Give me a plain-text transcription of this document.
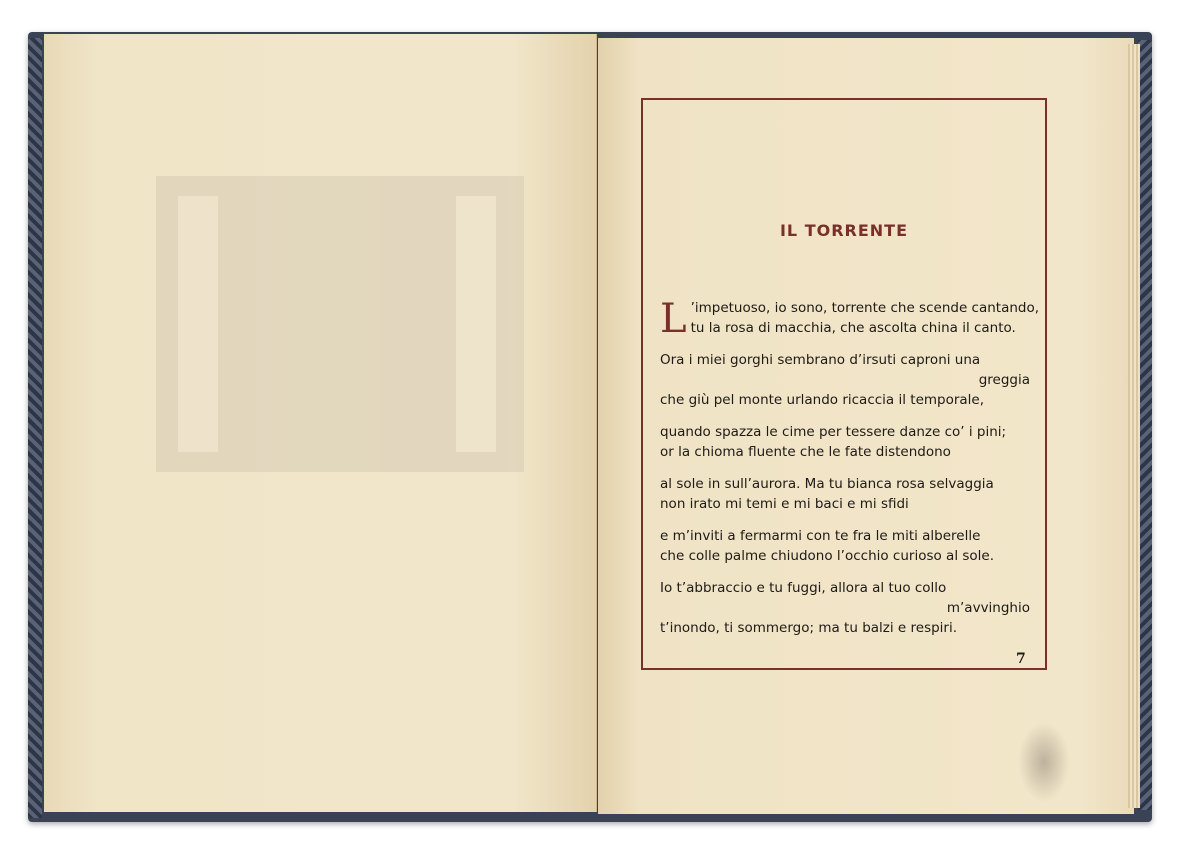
IL TORRENTE
L ’impetuoso, io sono, torrente che scende cantando,
tu la rosa di macchia, che ascolta china il canto.
Ora i miei gorghi sembrano d’irsuti caproni una
greggia
che giù pel monte urlando ricaccia il temporale,
quando spazza le cime per tessere danze co’ i pini;
or la chioma fluente che le fate distendono
al sole in sull’aurora. Ma tu bianca rosa selvaggia
non irato mi temi e mi baci e mi sfidi
e m’inviti a fermarmi con te fra le miti alberelle
che colle palme chiudono l’occhio curioso al sole.
Io t’abbraccio e tu fuggi, allora al tuo collo
m’avvinghio
t’inondo, ti sommergo; ma tu balzi e respiri.
7
